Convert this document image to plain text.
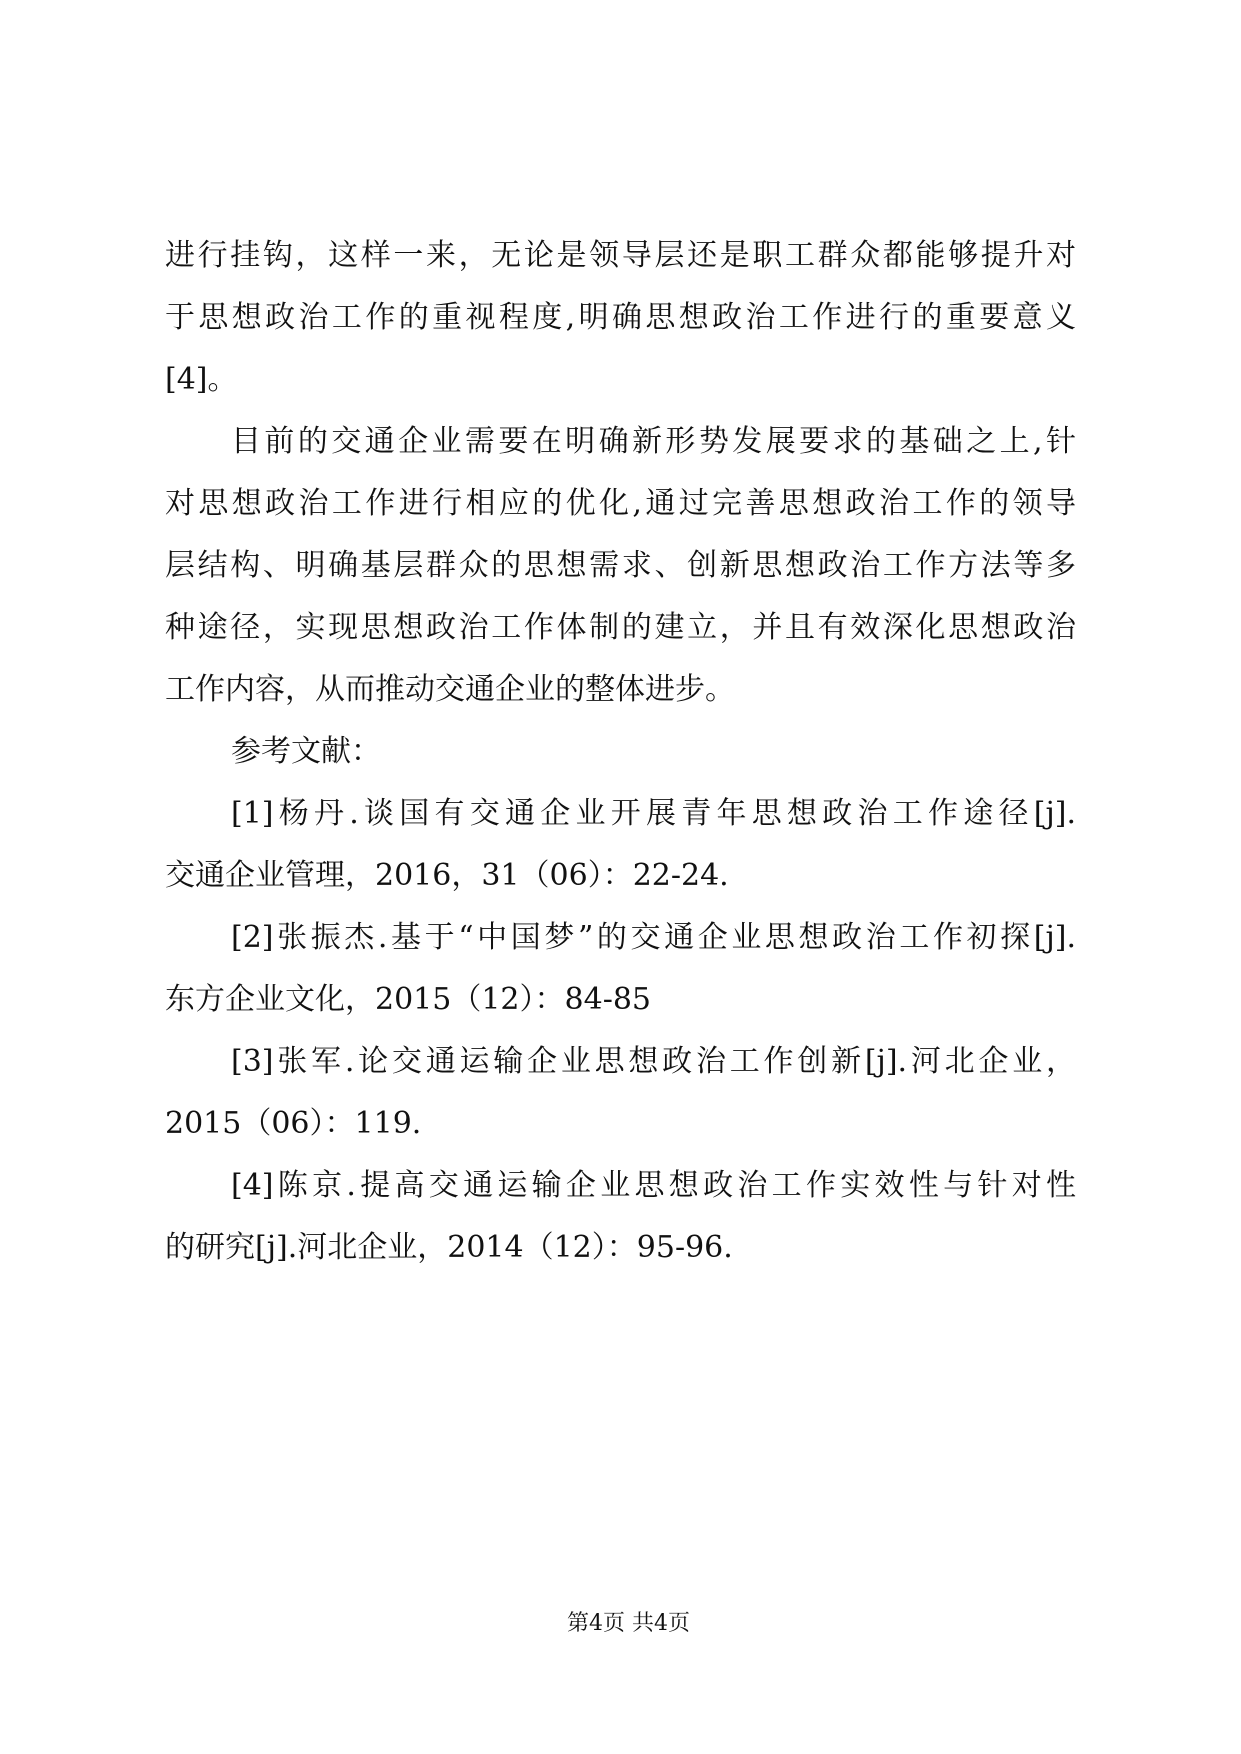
进行挂钩，这样一来，无论是领导层还是职工群众都能够提升对
于思想政治工作的重视程度,明确思想政治工作进行的重要意义
[4]。
目前的交通企业需要在明确新形势发展要求的基础之上,针
对思想政治工作进行相应的优化,通过完善思想政治工作的领导
层结构、明确基层群众的思想需求、创新思想政治工作方法等多
种途径，实现思想政治工作体制的建立，并且有效深化思想政治
工作内容，从而推动交通企业的整体进步。
参考文献：
[1]杨丹.谈国有交通企业开展青年思想政治工作途径[j].
交通企业管理，2016，31（06）：22-24.
[2]张振杰.基于“中国梦”的交通企业思想政治工作初探[j].
东方企业文化，2015（12）：84-85
[3]张军.论交通运输企业思想政治工作创新[j].河北企业，
2015（06）：119.
[4]陈京.提高交通运输企业思想政治工作实效性与针对性
的研究[j].河北企业，2014（12）：95-96.
第4页 共4页
